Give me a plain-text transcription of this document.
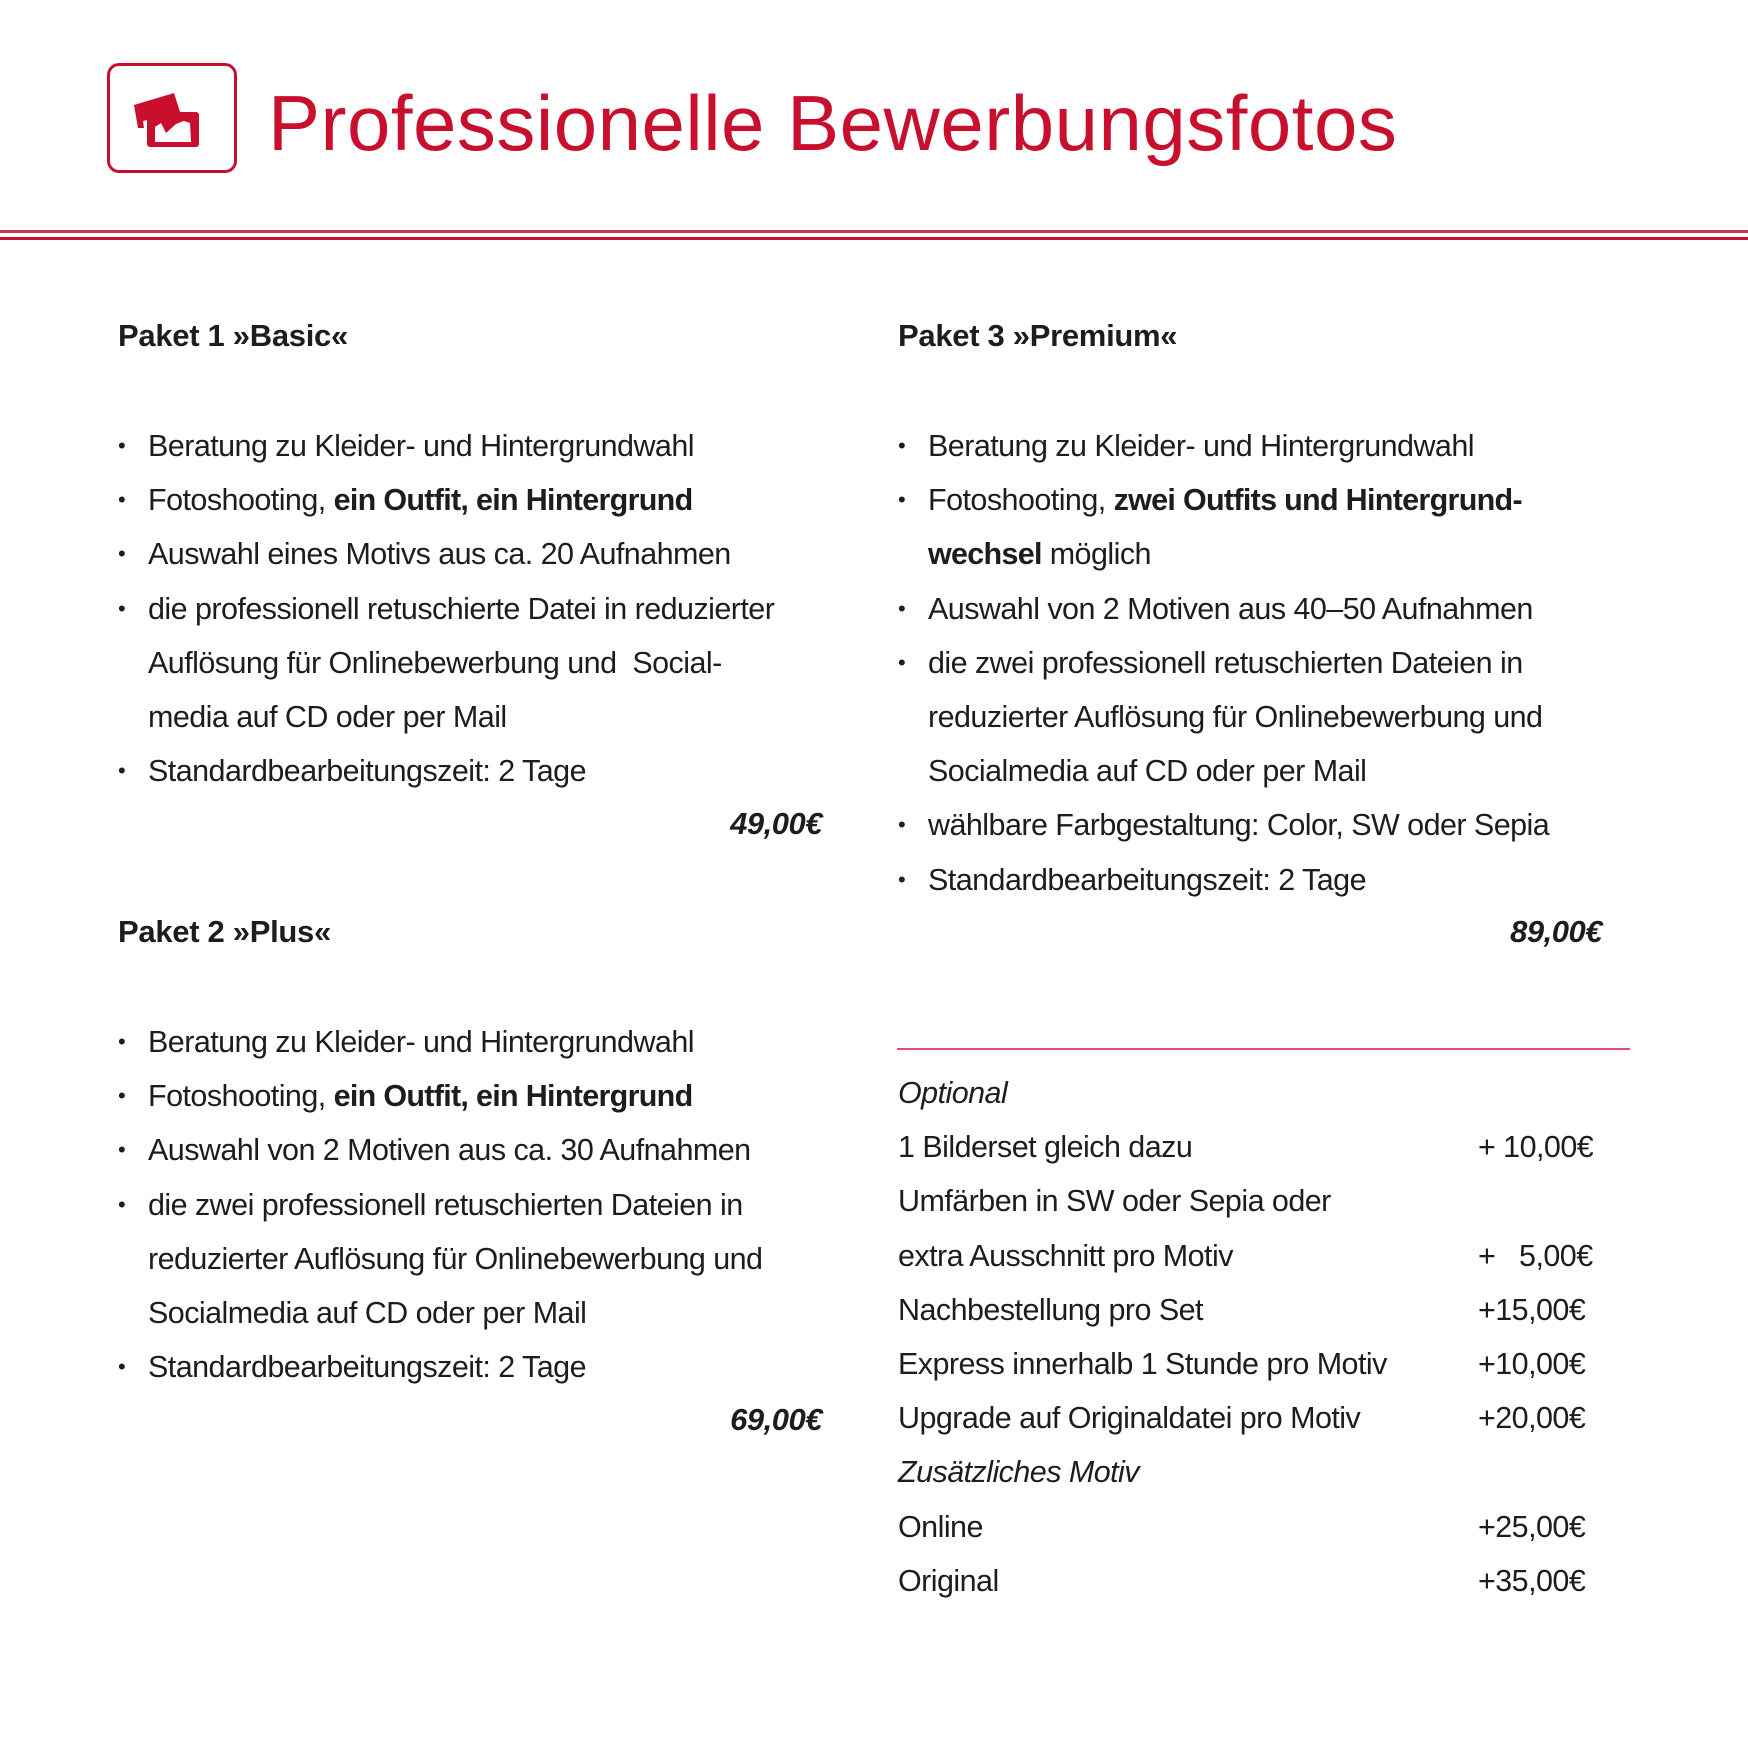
Professionelle Bewerbungsfotos
Paket 1 »Basic«
• Beratung zu Kleider- und Hintergrundwahl
• Fotoshooting, ein Outfit, ein Hintergrund
• Auswahl eines Motivs aus ca. 20 Aufnahmen
• die professionell retuschierte Datei in reduzierter
Auflösung für Onlinebewerbung und  Social-
media auf CD oder per Mail
• Standardbearbeitungszeit: 2 Tage
49,00€
Paket 2 »Plus«
• Beratung zu Kleider- und Hintergrundwahl
• Fotoshooting, ein Outfit, ein Hintergrund
• Auswahl von 2 Motiven aus ca. 30 Aufnahmen
• die zwei professionell retuschierten Dateien in
reduzierter Auflösung für Onlinebewerbung und
Socialmedia auf CD oder per Mail
• Standardbearbeitungszeit: 2 Tage
69,00€
Paket 3 »Premium«
• Beratung zu Kleider- und Hintergrundwahl
• Fotoshooting, zwei Outfits und Hintergrund-
wechsel möglich
• Auswahl von 2 Motiven aus 40–50 Aufnahmen
• die zwei professionell retuschierten Dateien in
reduzierter Auflösung für Onlinebewerbung und
Socialmedia auf CD oder per Mail
• wählbare Farbgestaltung: Color, SW oder Sepia
• Standardbearbeitungszeit: 2 Tage
89,00€
Optional
1 Bilderset gleich dazu	+ 10,00€
Umfärben in SW oder Sepia oder
extra Ausschnitt pro Motiv	+   5,00€
Nachbestellung pro Set	+15,00€
Express innerhalb 1 Stunde pro Motiv	+10,00€
Upgrade auf Originaldatei pro Motiv	+20,00€
Zusätzliches Motiv
Online	+25,00€
Original	+35,00€
